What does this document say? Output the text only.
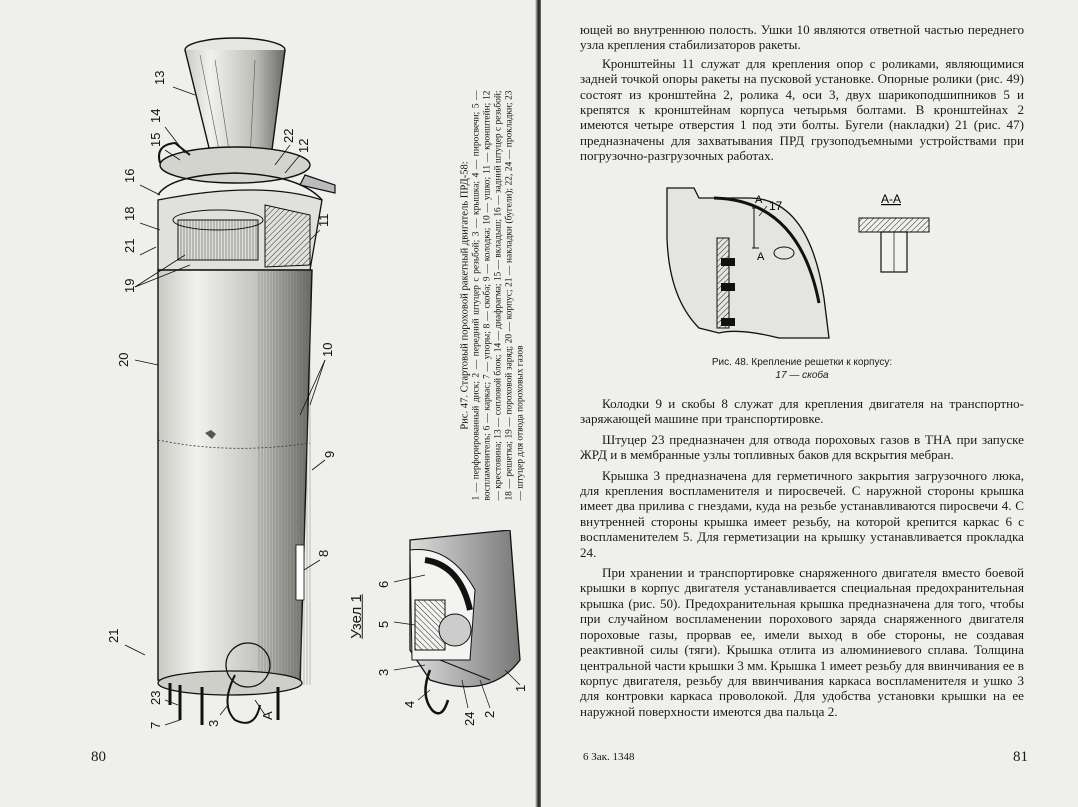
13
14
15
16
22
12
18
21
19
11
20
10
9
8
21
23
7	3
A
Рис. 47. Стартовый пороховой ракетный двигатель ПРД-58: 1 — перфорированный диск; 2 — передний штуцер с резьбой; 3 — крышка; 4 — пиросвечи; 5 — воспламенитель; 6 — каркас; 7 — упоры; 8 — скоба; 9 — колодка; 10 — ушко; 11 — кронштейн; 12 — крестовина; 13 — сопловой блок; 14 — диафрагма; 15 — вкладыш; 16 — задний штуцер с резьбой; 18 — решетка; 19 — пороховой заряд; 20 — корпус; 21 — накладки (бугели); 22, 24 — прокладки; 23 — штуцер для отвода пороховых газов
Узел 1
6
5
3
4
24 2
1
80

ющей во внутреннюю полость. Ушки 10 являются ответной частью переднего узла крепления стабилизаторов ракеты.

Кронштейны 11 служат для крепления опор с роликами, являющимися задней точкой опоры ракеты на пусковой установке. Опорные ролики (рис. 49) состоят из кронштейна 2, ролика 4, оси 3, двух шарикоподшипников 5 и крепятся к кронштейнам корпуса четырьмя болтами. В кронштейнах 2 имеются четыре отверстия 1 под эти болты. Бугели (накладки) 21 (рис. 47) предназначены для захватывания ПРД грузоподъемными устройствами при погрузочно-разгрузочных работах.

А
А
17	А-А
Рис. 48. Крепление решетки к корпусу:
17 — скоба

Колодки 9 и скобы 8 служат для крепления двигателя на транспортно-заряжающей машине при транспортировке.

Штуцер 23 предназначен для отвода пороховых газов в ТНА при запуске ЖРД и в мембранные узлы топливных баков для вскрытия мебран.

Крышка 3 предназначена для герметичного закрытия загрузочного люка, для крепления воспламенителя и пиросвечей. С наружной стороны крышка имеет два прилива с гнездами, куда на резьбе устанавливаются пиросвечи 4. С внутренней стороны крышка имеет резьбу, на которой крепится каркас 6 с воспламенителем 5. Для герметизации на крышку устанавливается прокладка 24.

При хранении и транспортировке снаряженного двигателя вместо боевой крышки в корпус двигателя устанавливается специальная предохранительная крышка (рис. 50). Предохранительная крышка предназначена для того, чтобы при случайном воспламенении порохового заряда снаряженного двигателя пороховые газы, прорвав ее, имели выход в обе стороны, не создавая реактивной силы (тяги). Крышка отлита из алюминиевого сплава. Толщина центральной части крышки 3 мм. Крышка 1 имеет резьбу для ввинчивания ее в корпус двигателя, резьбу для ввинчивания каркаса воспламенителя и ушко 3 для контровки каркаса проволокой. Для удобства установки крышки на ее наружной поверхности имеются два пальца 2.

6 Зак. 1348	81
